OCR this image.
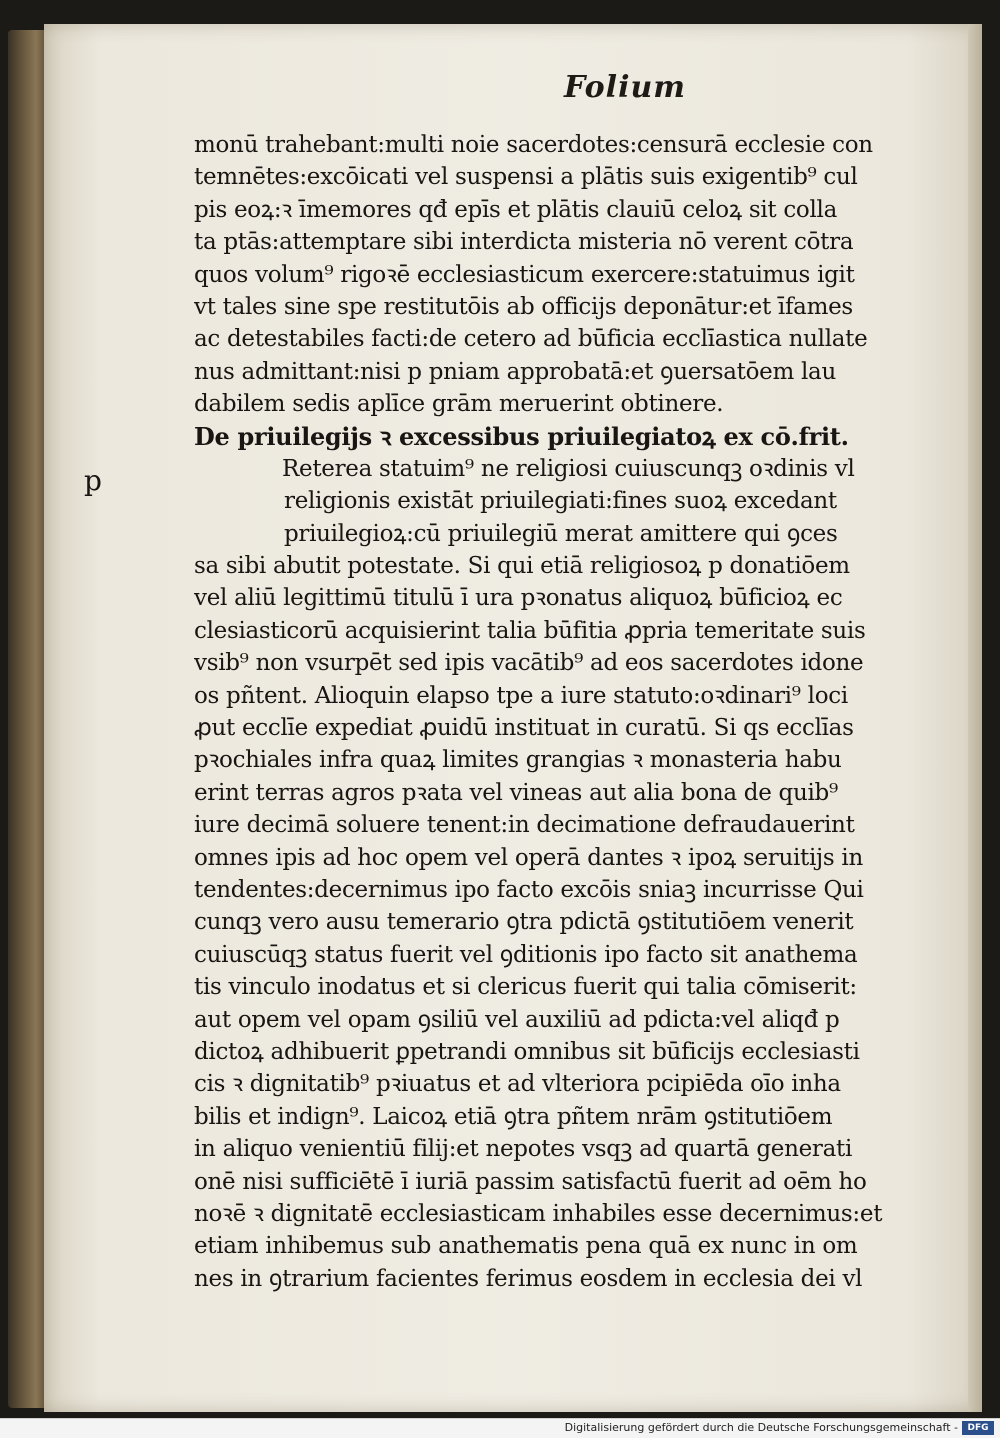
Folium
p
monū trahebant:multi noie sacerdotes:censurā ecclesie con
temnētes:excōicati vel suspensi a plātis suis exigentib⁹ cul
pis eoꝝ:ꝛ īmemores qđ epīs et plātis clauiū celoꝝ sit colla
ta ptās:attemptare sibi interdicta misteria nō verent cōtra
quos volum⁹ rigoꝛē ecclesiasticum exercere:statuimus igit
vt tales sine spe restitutōis ab officijs deponātur:et īfames
ac detestabiles facti:de cetero ad būficia ecclīastica nullate
nus admittant:nisi p pniam approbatā:et ꝯuersatōem lau
dabilem sedis aplīce grām meruerint obtinere.
De priuilegijs ꝛ excessibus priuilegiatoꝝ ex cō.frit.
Reterea statuim⁹ ne religiosi cuiuscunqꝫ oꝛdinis vl
religionis existāt priuilegiati:fines suoꝝ excedant
priuilegioꝝ:cū priuilegiū merat amittere qui ꝯces
sa sibi abutit potestate. Si qui etiā religiosoꝝ p donatiōem
vel aliū legittimū titulū ī ura pꝛonatus aliquoꝝ būficioꝝ ec
clesiasticorū acquisierint talia būfitia ꝓpria temeritate suis
vsib⁹ non vsurpēt sed ipis vacātib⁹ ad eos sacerdotes idone
os pñtent. Alioquin elapso tpe a iure statuto:oꝛdinari⁹ loci
ꝓut ecclīe expediat ꝓuidū instituat in curatū. Si qs ecclīas
pꝛochiales infra quaꝝ limites grangias ꝛ monasteria habu
erint terras agros pꝛata vel vineas aut alia bona de quib⁹
iure decimā soluere tenent:in decimatione defraudauerint
omnes ipis ad hoc opem vel operā dantes ꝛ ipoꝝ seruitijs in
tendentes:decernimus ipo facto excōis sniaꝫ incurrisse Qui
cunqꝫ vero ausu temerario ꝯtra pdictā ꝯstitutiōem venerit
cuiuscūqꝫ status fuerit vel ꝯditionis ipo facto sit anathema
tis vinculo inodatus et si clericus fuerit qui talia cōmiserit:
aut opem vel opam ꝯsiliū vel auxiliū ad pdicta:vel aliqđ p
dictoꝝ adhibuerit ꝑpetrandi omnibus sit būficijs ecclesiasti
cis ꝛ dignitatib⁹ pꝛiuatus et ad vlteriora pcipiēda oīo inha
bilis et indign⁹. Laicoꝝ etiā ꝯtra pñtem nrām ꝯstitutiōem
in aliquo venientiū filij:et nepotes vsqꝫ ad quartā generati
onē nisi sufficiētē ī iuriā passim satisfactū fuerit ad oēm ho
noꝛē ꝛ dignitatē ecclesiasticam inhabiles esse decernimus:et
etiam inhibemus sub anathematis pena quā ex nunc in om
nes in ꝯtrarium facientes ferimus eosdem in ecclesia dei vl
Digitalisierung gefördert durch die Deutsche Forschungsgemeinschaft -	DFG
